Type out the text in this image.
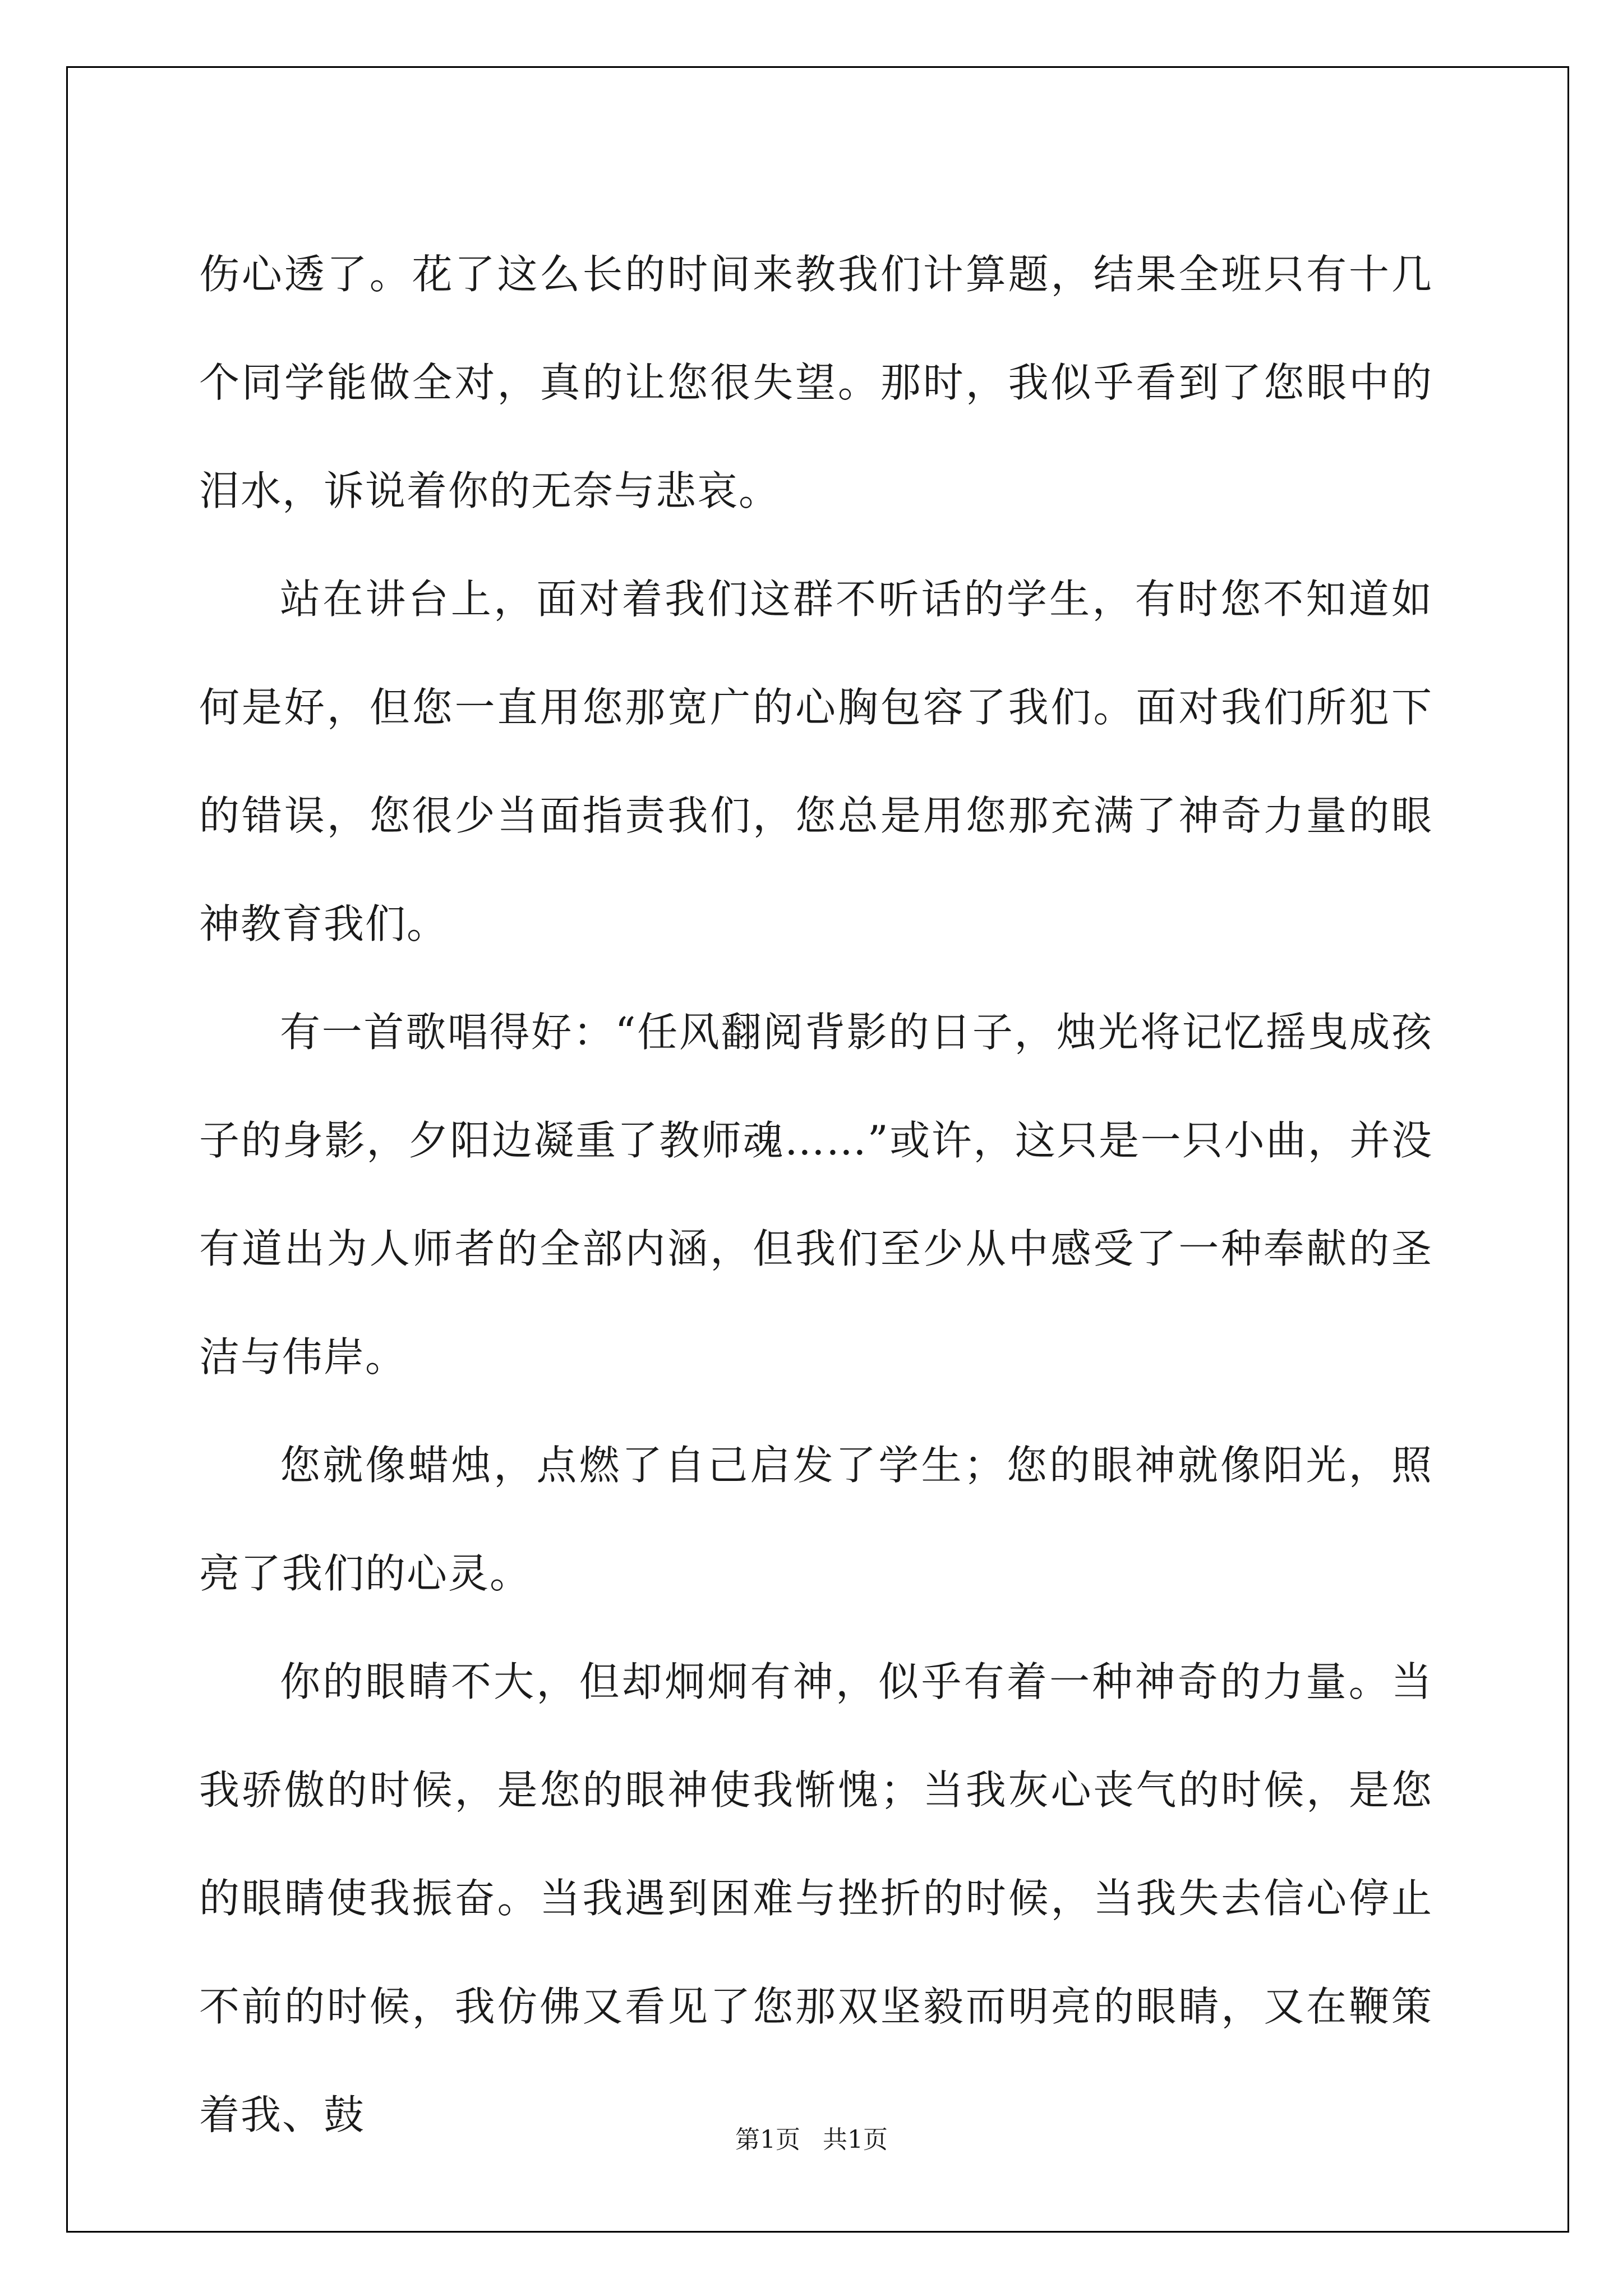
伤心透了。花了这么长的时间来教我们计算题，结果全班只有十几个同学能做全对，真的让您很失望。那时，我似乎看到了您眼中的泪水，诉说着你的无奈与悲哀。

站在讲台上，面对着我们这群不听话的学生，有时您不知道如何是好，但您一直用您那宽广的心胸包容了我们。面对我们所犯下的错误，您很少当面指责我们，您总是用您那充满了神奇力量的眼神教育我们。

有一首歌唱得好：“任风翻阅背影的日子，烛光将记忆摇曳成孩子的身影，夕阳边凝重了教师魂……”或许，这只是一只小曲，并没有道出为人师者的全部内涵，但我们至少从中感受了一种奉献的圣洁与伟岸。

您就像蜡烛，点燃了自己启发了学生；您的眼神就像阳光，照亮了我们的心灵。

你的眼睛不大，但却炯炯有神，似乎有着一种神奇的力量。当我骄傲的时候，是您的眼神使我惭愧；当我灰心丧气的时候，是您的眼睛使我振奋。当我遇到困难与挫折的时候，当我失去信心停止不前的时候，我仿佛又看见了您那双坚毅而明亮的眼睛，又在鞭策着我、鼓

第1页 共1页
